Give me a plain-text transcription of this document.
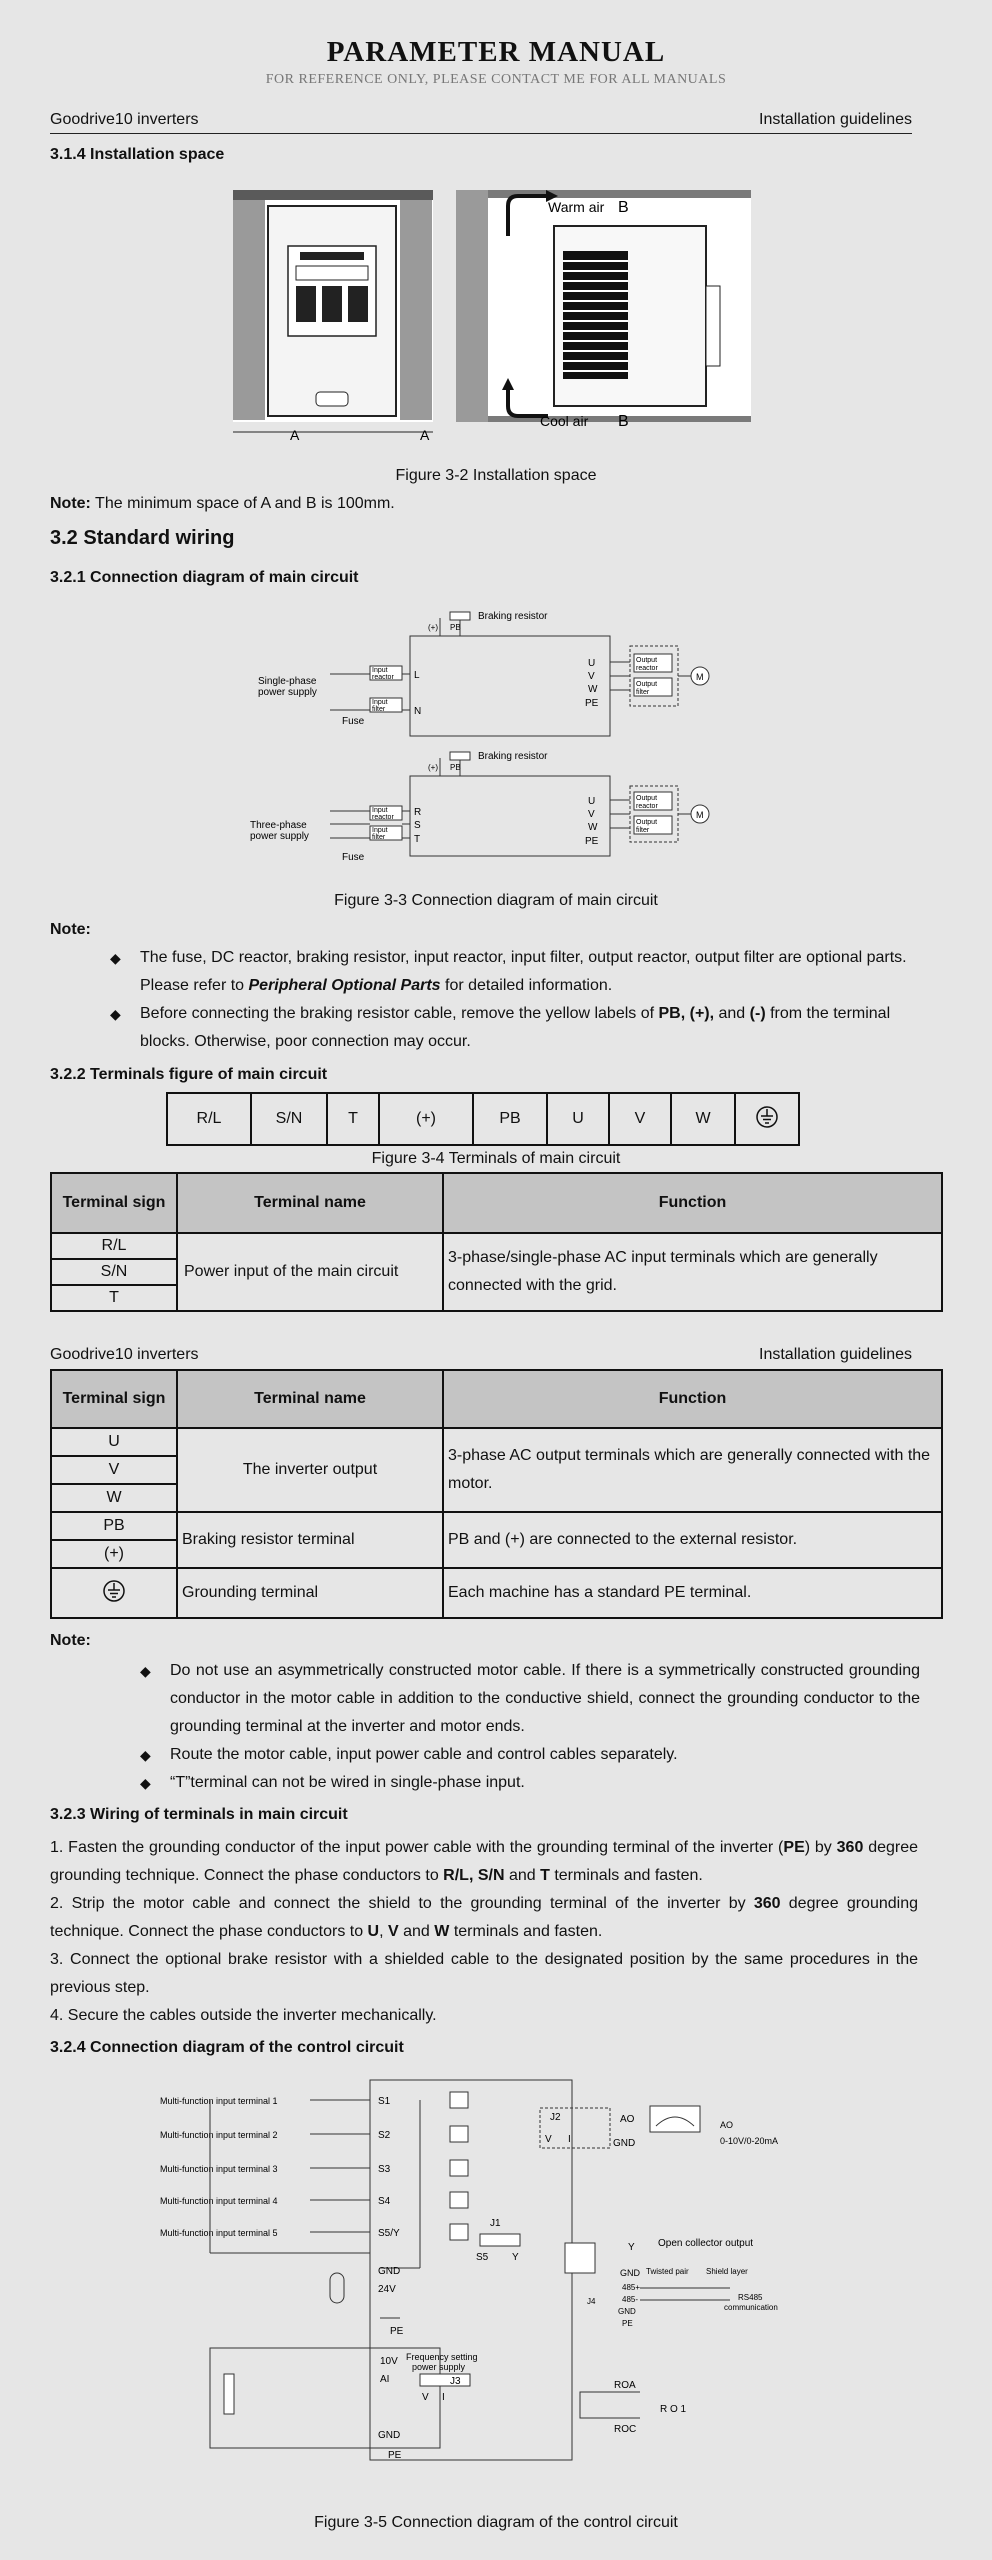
PARAMETER MANUAL
FOR REFERENCE ONLY, PLEASE CONTACT ME FOR ALL MANUALS
Goodrive10 inverters	Installation guidelines
3.1.4 Installation space
A	A
Warm air
Cool air
B
B
Figure 3-2 Installation space
Note: The minimum space of A and B is 100mm.
3.2 Standard wiring
3.2.1 Connection diagram of main circuit
Braking resistor
(+) PB
Single-phase
power supply
Fuse
Input
reactor
Input
filter
L
N
U
V
W
PE
Output
reactor
Output
filter
M
Braking resistor
(+) PB
Three-phase
power supply
Fuse
Input
reactor
Input
filter
R
S
T
U
V
W
PE
Output
reactor
Output
filter
M
Figure 3-3 Connection diagram of main circuit
Note:
◆ The fuse, DC reactor, braking resistor, input reactor, input filter, output reactor, output filter are optional parts. Please refer to Peripheral Optional Parts for detailed information.
◆ Before connecting the braking resistor cable, remove the yellow labels of PB, (+), and (-) from the terminal blocks. Otherwise, poor connection may occur.
3.2.2 Terminals figure of main circuit
R/L	S/N	T	(+)	PB	U	V	W	
Figure 3-4 Terminals of main circuit
Terminal sign	Terminal name	Function
R/L	Power input of the main circuit	3-phase/single-phase AC input terminals which are generally connected with the grid.
S/N		
T		
Goodrive10 inverters	Installation guidelines
Terminal sign	Terminal name	Function
U	The inverter output	3-phase AC output terminals which are generally connected with the motor.
V		
W		
PB	Braking resistor terminal	PB and (+) are connected to the external resistor.
(+)		
	Grounding terminal	Each machine has a standard PE terminal.
Note:
◆ Do not use an asymmetrically constructed motor cable. If there is a symmetrically constructed grounding conductor in the motor cable in addition to the conductive shield, connect the grounding conductor to the grounding terminal at the inverter and motor ends.
◆ Route the motor cable, input power cable and control cables separately.
◆ “T”terminal can not be wired in single-phase input.
3.2.3 Wiring of terminals in main circuit
1. Fasten the grounding conductor of the input power cable with the grounding terminal of the inverter (PE) by 360 degree grounding technique. Connect the phase conductors to R/L, S/N and T terminals and fasten.
2. Strip the motor cable and connect the shield to the grounding terminal of the inverter by 360 degree grounding technique. Connect the phase conductors to U, V and W terminals and fasten.
3. Connect the optional brake resistor with a shielded cable to the designated position by the same procedures in the previous step.
4. Secure the cables outside the inverter mechanically.
3.2.4 Connection diagram of the control circuit
Multi-function input terminal 1
Multi-function input terminal 2
Multi-function input terminal 3
Multi-function input terminal 4
Multi-function input terminal 5
S1
S2
S3
S4
S5/Y
GND
24V
PE
J1
S5 Y
J2
V I
AO
GND
AO
0-10V/0-20mA
Y
GND
Open collector output
Twisted pair Shield layer
J4
485+
485-
GND
PE
RS485
communication
10V
AI
Frequency setting
power supply
V I
J3
GND
PE
ROA
ROC
R O 1
Figure 3-5 Connection diagram of the control circuit
